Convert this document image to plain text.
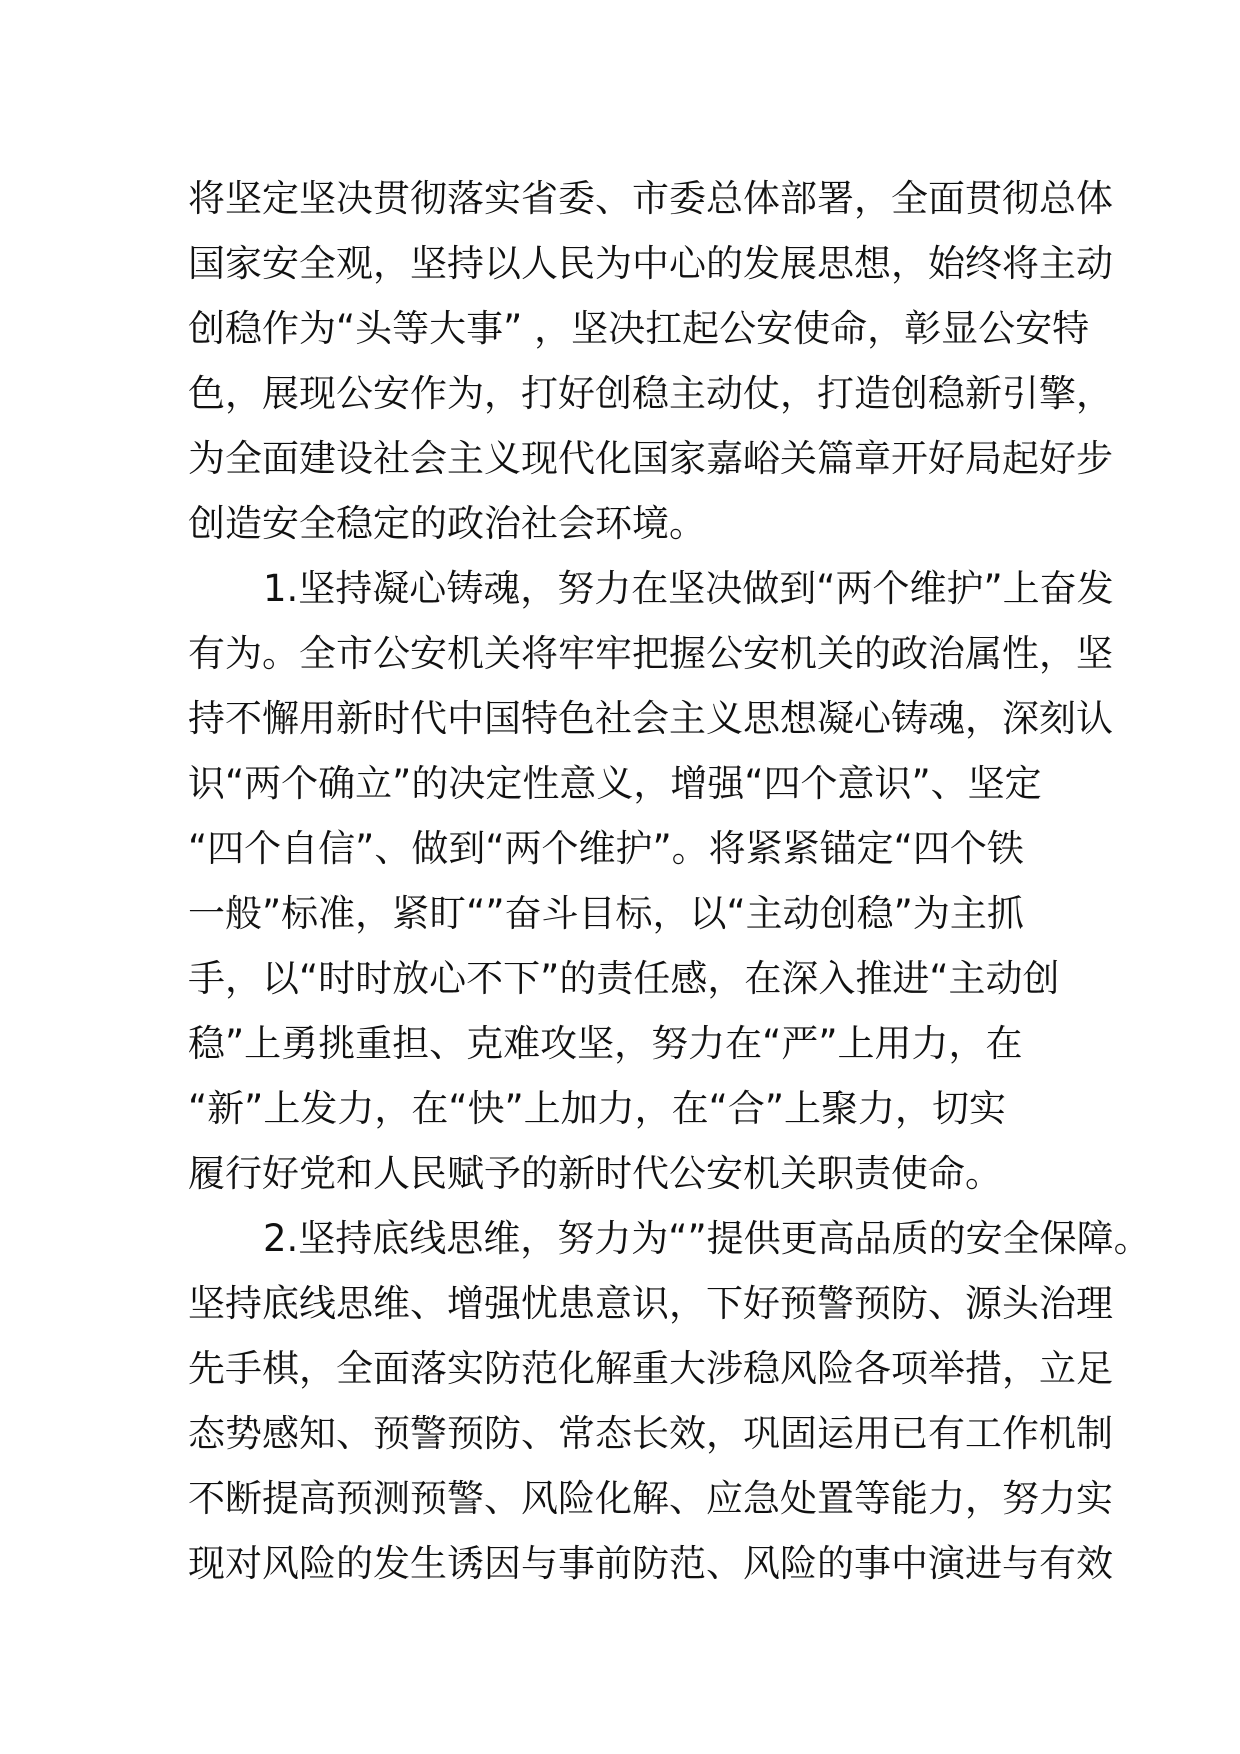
将坚定坚决贯彻落实省委、市委总体部署，全面贯彻总体
国家安全观，坚持以人民为中心的发展思想，始终将主动
创稳作为“头等大事” ，坚决扛起公安使命，彰显公安特
色，展现公安作为，打好创稳主动仗，打造创稳新引擎，
为全面建设社会主义现代化国家嘉峪关篇章开好局起好步
创造安全稳定的政治社会环境。
1.坚持凝心铸魂，努力在坚决做到“两个维护”上奋发
有为。全市公安机关将牢牢把握公安机关的政治属性，坚
持不懈用新时代中国特色社会主义思想凝心铸魂，深刻认
识“两个确立”的决定性意义，增强“四个意识”、坚定
“四个自信”、做到“两个维护”。将紧紧锚定“四个铁
一般”标准，紧盯“”奋斗目标，以“主动创稳”为主抓
手，以“时时放心不下”的责任感，在深入推进“主动创
稳”上勇挑重担、克难攻坚，努力在“严”上用力，在
“新”上发力，在“快”上加力，在“合”上聚力，切实
履行好党和人民赋予的新时代公安机关职责使命。
2.坚持底线思维，努力为“”提供更高品质的安全保障。
坚持底线思维、增强忧患意识，下好预警预防、源头治理
先手棋，全面落实防范化解重大涉稳风险各项举措，立足
态势感知、预警预防、常态长效，巩固运用已有工作机制
不断提高预测预警、风险化解、应急处置等能力，努力实
现对风险的发生诱因与事前防范、风险的事中演进与有效
